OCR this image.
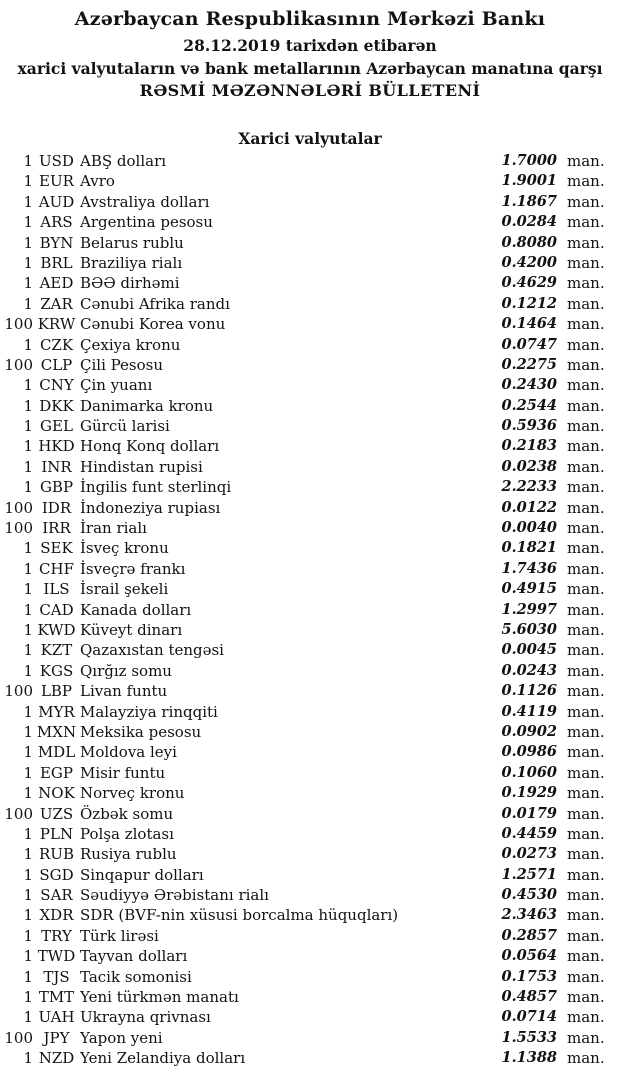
Azərbaycan Respublikasının Mərkəzi Bankı
28.12.2019 tarixdən etibarən
xarici valyutaların və bank metallarının Azərbaycan manatına qarşı
RƏSMİ MƏZƏNNƏLƏRİ BÜLLETENİ
Xarici valyutalar
1 USD ABŞ dolları	1.7000 man.
1 EUR Avro	1.9001 man.
1 AUD Avstraliya dolları	1.1867 man.
1 ARS Argentina pesosu	0.0284 man.
1 BYN Belarus rublu	0.8080 man.
1 BRL Braziliya rialı	0.4200 man.
1 AED BƏƏ dirhəmi	0.4629 man.
1 ZAR Cənubi Afrika randı	0.1212 man.
100 KRW Cənubi Korea vonu	0.1464 man.
1 CZK Çexiya kronu	0.0747 man.
100 CLP Çili Pesosu	0.2275 man.
1 CNY Çin yuanı	0.2430 man.
1 DKK Danimarka kronu	0.2544 man.
1 GEL Gürcü larisi	0.5936 man.
1 HKD Honq Konq dolları	0.2183 man.
1 INR Hindistan rupisi	0.0238 man.
1 GBP İngilis funt sterlinqi	2.2233 man.
100 IDR İndoneziya rupiası	0.0122 man.
100 IRR İran rialı	0.0040 man.
1 SEK İsveç kronu	0.1821 man.
1 CHF İsveçrə frankı	1.7436 man.
1 ILS İsrail şekeli	0.4915 man.
1 CAD Kanada dolları	1.2997 man.
1 KWD Küveyt dinarı	5.6030 man.
1 KZT Qazaxıstan tengəsi	0.0045 man.
1 KGS Qırğız somu	0.0243 man.
100 LBP Livan funtu	0.1126 man.
1 MYR Malayziya rinqqiti	0.4119 man.
1 MXN Meksika pesosu	0.0902 man.
1 MDL Moldova leyi	0.0986 man.
1 EGP Misir funtu	0.1060 man.
1 NOK Norveç kronu	0.1929 man.
100 UZS Özbək somu	0.0179 man.
1 PLN Polşa zlotası	0.4459 man.
1 RUB Rusiya rublu	0.0273 man.
1 SGD Sinqapur dolları	1.2571 man.
1 SAR Səudiyyə Ərəbistanı rialı	0.4530 man.
1 XDR SDR (BVF-nin xüsusi borcalma hüquqları)	2.3463 man.
1 TRY Türk lirəsi	0.2857 man.
1 TWD Tayvan dolları	0.0564 man.
1 TJS Tacik somonisi	0.1753 man.
1 TMT Yeni türkmən manatı	0.4857 man.
1 UAH Ukrayna qrivnası	0.0714 man.
100 JPY Yapon yeni	1.5533 man.
1 NZD Yeni Zelandiya dolları	1.1388 man.
